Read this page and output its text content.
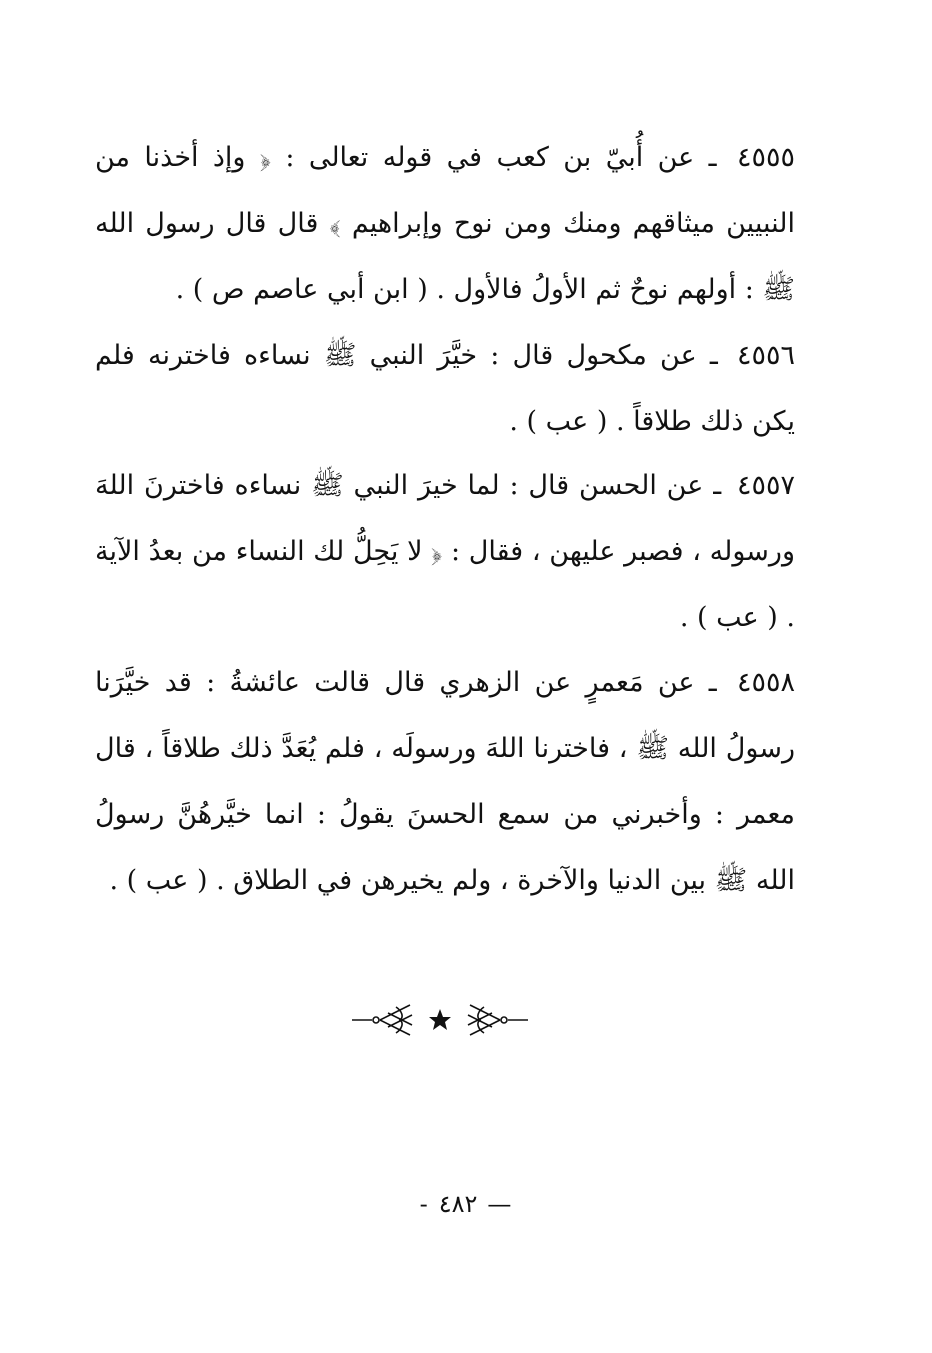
٤٥٥٥ ـ عن أُبيّ بن كعب في قوله تعالى : ﴿ وإذ أخذنا من النبيين ميثاقهم ومنك ومن نوح وإبراهيم ﴾ قال قال رسول الله ﷺ : أولهم نوحٌ ثم الأولُ فالأول . ( ابن أبي عاصم ص ) .

٤٥٥٦ ـ عن مكحول قال : خيَّرَ النبي ﷺ نساءه فاخترنه فلم يكن ذلك طلاقاً . ( عب ) .

٤٥٥٧ ـ عن الحسن قال : لما خيرَ النبي ﷺ نساءه فاخترنَ اللهَ ورسوله ، فصبر عليهن ، فقال : ﴿ لا يَحِلُّ لك النساء من بعدُ الآية . ( عب ) .

٤٥٥٨ ـ عن مَعمرٍ عن الزهري قال قالت عائشةُ : قد خيَّرَنا رسولُ الله ﷺ ، فاخترنا اللهَ ورسولَه ، فلم يُعَدَّ ذلك طلاقاً ، قال معمر : وأخبرني من سمع الحسنَ يقولُ : انما خيَّرهُنَّ رسولُ الله ﷺ بين الدنيا والآخرة ، ولم يخيرهن في الطلاق . ( عب ) .

—٤٨٢-
